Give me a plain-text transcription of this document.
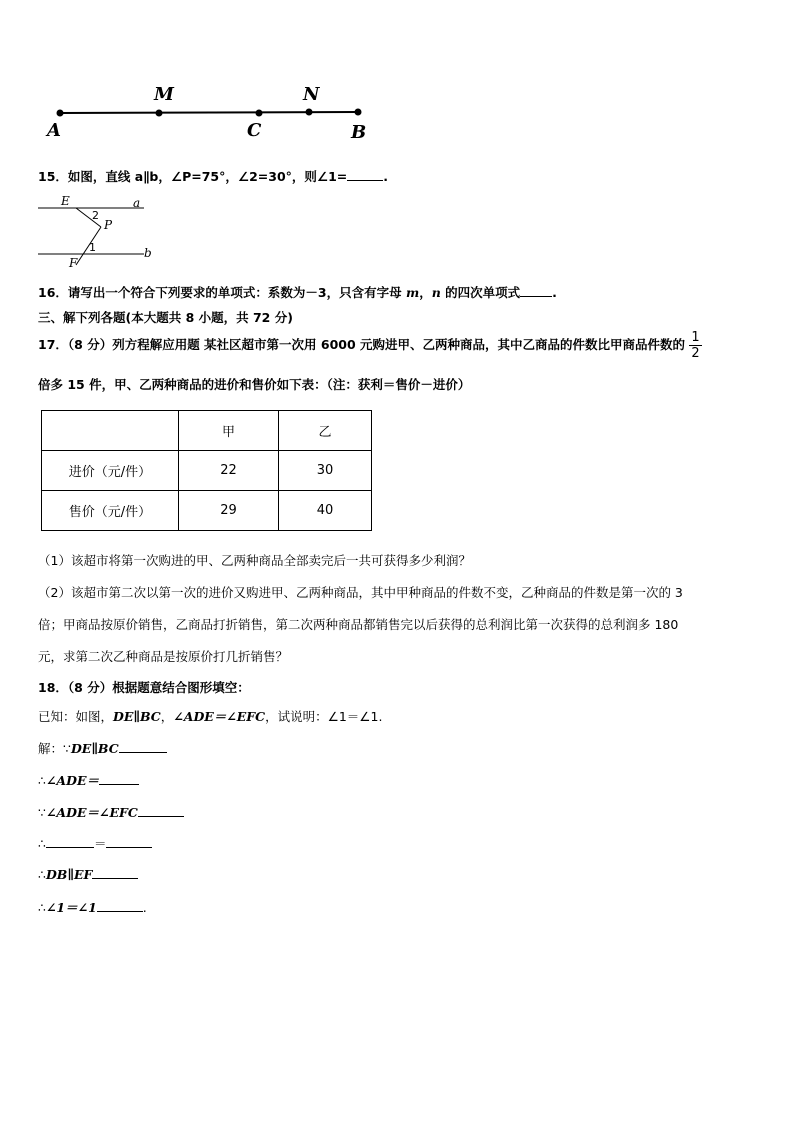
A
M
C
N
B
15．如图，直线 a∥b，∠P=75°，∠2=30°，则∠1=	.
E	a
2
P
1	b
F
16．请写出一个符合下列要求的单项式：系数为－3，只含有字母 m，n 的四次单项式	.
三、解下列各题(本大题共 8 小题，共 72 分)
17．（8 分）列方程解应用题 某社区超市第一次用 6000 元购进甲、乙两种商品，其中乙商品的件数比甲商品件数的 $\frac{1}{2}$
倍多 15 件，甲、乙两种商品的进价和售价如下表：（注：获利＝售价－进价）
	甲	乙
进价（元/件）	22	30
售价（元/件）	29	40
（1）该超市将第一次购进的甲、乙两种商品全部卖完后一共可获得多少利润？
（2）该超市第二次以第一次的进价又购进甲、乙两种商品，其中甲种商品的件数不变，乙种商品的件数是第一次的 3
倍；甲商品按原价销售，乙商品打折销售，第二次两种商品都销售完以后获得的总利润比第一次获得的总利润多 180
元，求第二次乙种商品是按原价打几折销售？
18．（8 分）根据题意结合图形填空：
已知：如图，DE∥BC，∠ADE＝∠EFC，试说明：∠1＝∠1.
解：∵DE∥BC
∴∠ADE＝
∵∠ADE＝∠EFC
∴	＝
∴DB∥EF
∴∠1＝∠1	.
